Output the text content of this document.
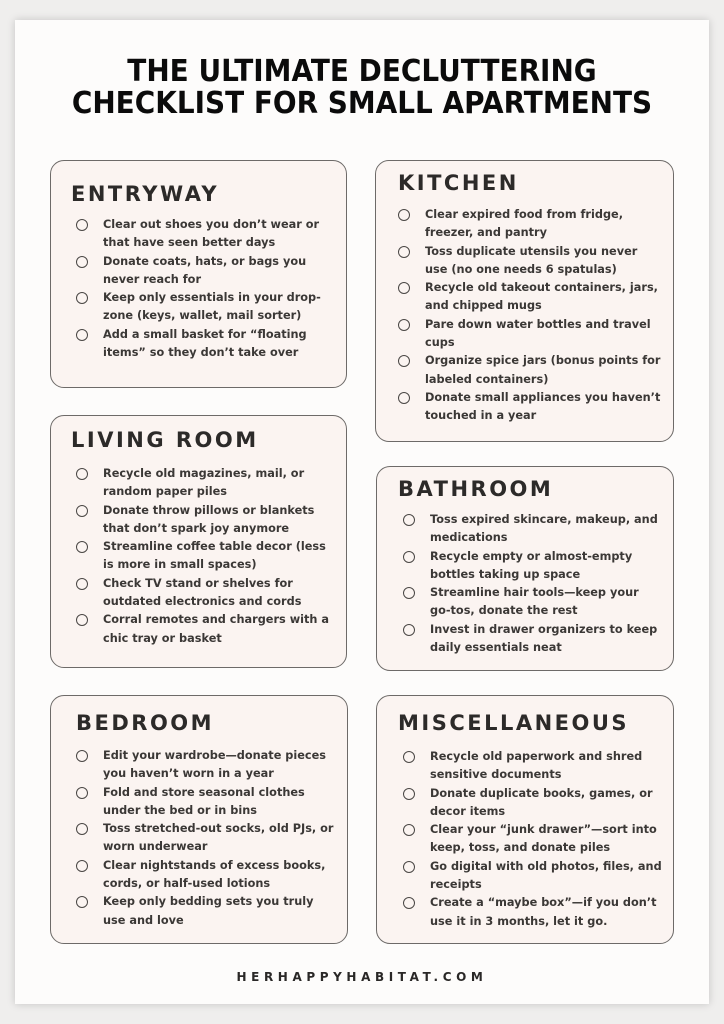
THE ULTIMATE DECLUTTERING
CHECKLIST FOR SMALL APARTMENTS
ENTRYWAY
Clear out shoes you don’t wear or that have seen better days
Donate coats, hats, or bags you never reach for
Keep only essentials in your drop-zone (keys, wallet, mail sorter)
Add a small basket for “floating items” so they don’t take over
KITCHEN
Clear expired food from fridge, freezer, and pantry
Toss duplicate utensils you never use (no one needs 6 spatulas)
Recycle old takeout containers, jars, and chipped mugs
Pare down water bottles and travel cups
Organize spice jars (bonus points for labeled containers)
Donate small appliances you haven’t touched in a year
LIVING ROOM
Recycle old magazines, mail, or random paper piles
Donate throw pillows or blankets that don’t spark joy anymore
Streamline coffee table decor (less is more in small spaces)
Check TV stand or shelves for outdated electronics and cords
Corral remotes and chargers with a chic tray or basket
BATHROOM
Toss expired skincare, makeup, and medications
Recycle empty or almost-empty bottles taking up space
Streamline hair tools—keep your go-tos, donate the rest
Invest in drawer organizers to keep daily essentials neat
BEDROOM
Edit your wardrobe—donate pieces you haven’t worn in a year
Fold and store seasonal clothes under the bed or in bins
Toss stretched-out socks, old PJs, or worn underwear
Clear nightstands of excess books, cords, or half-used lotions
Keep only bedding sets you truly use and love
MISCELLANEOUS
Recycle old paperwork and shred sensitive documents
Donate duplicate books, games, or decor items
Clear your “junk drawer”—sort into keep, toss, and donate piles
Go digital with old photos, files, and receipts
Create a “maybe box”—if you don’t use it in 3 months, let it go.
HERHAPPYHABITAT.COM
